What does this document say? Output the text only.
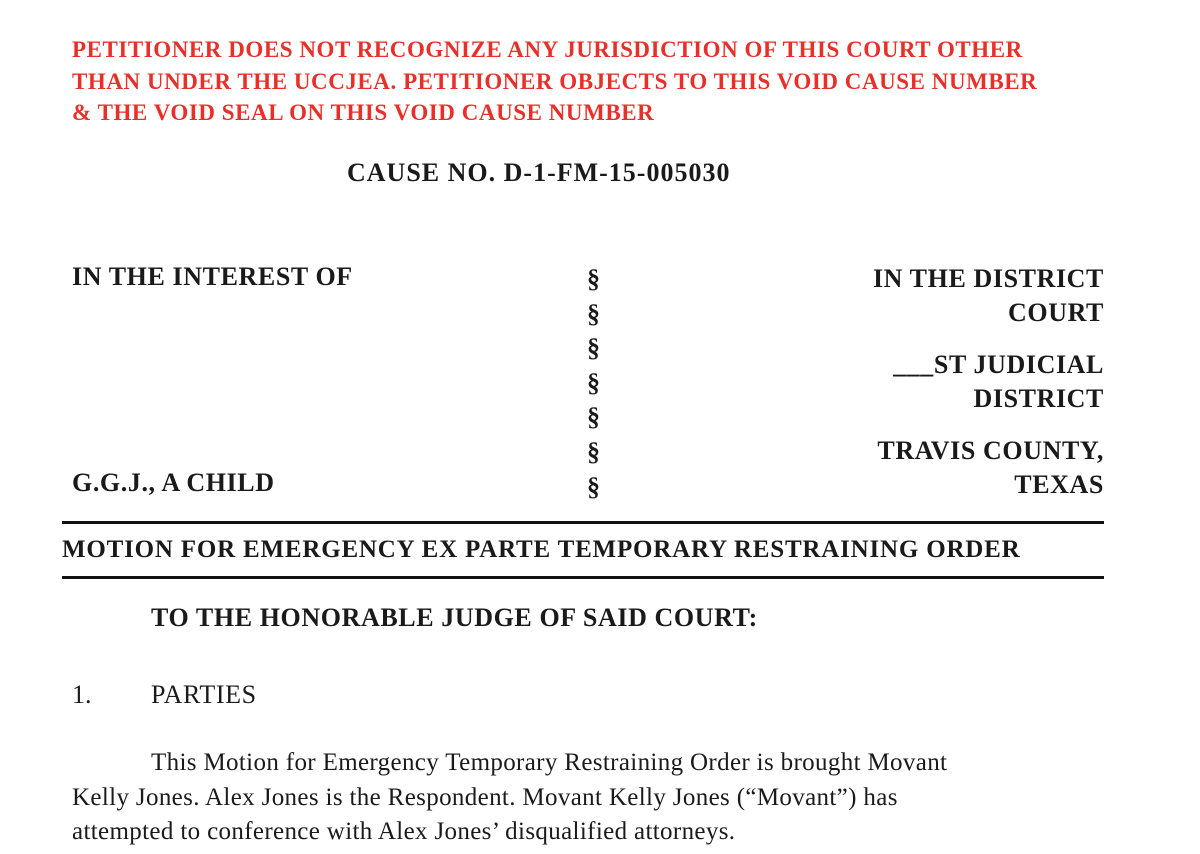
PETITIONER DOES NOT RECOGNIZE ANY JURISDICTION OF THIS COURT OTHER
THAN UNDER THE UCCJEA. PETITIONER OBJECTS TO THIS VOID CAUSE NUMBER
& THE VOID SEAL ON THIS VOID CAUSE NUMBER
CAUSE NO. D-1-FM-15-005030
IN THE INTEREST OF
G.G.J., A CHILD
§
§
§
§
§
§
§
IN THE DISTRICT
COURT
___ST JUDICIAL
DISTRICT
TRAVIS COUNTY,
TEXAS
MOTION FOR EMERGENCY EX PARTE TEMPORARY RESTRAINING ORDER
TO THE HONORABLE JUDGE OF SAID COURT:
1. PARTIES
This Motion for Emergency Temporary Restraining Order is brought Movant
Kelly Jones. Alex Jones is the Respondent. Movant Kelly Jones (“Movant”) has
attempted to conference with Alex Jones’ disqualified attorneys.
